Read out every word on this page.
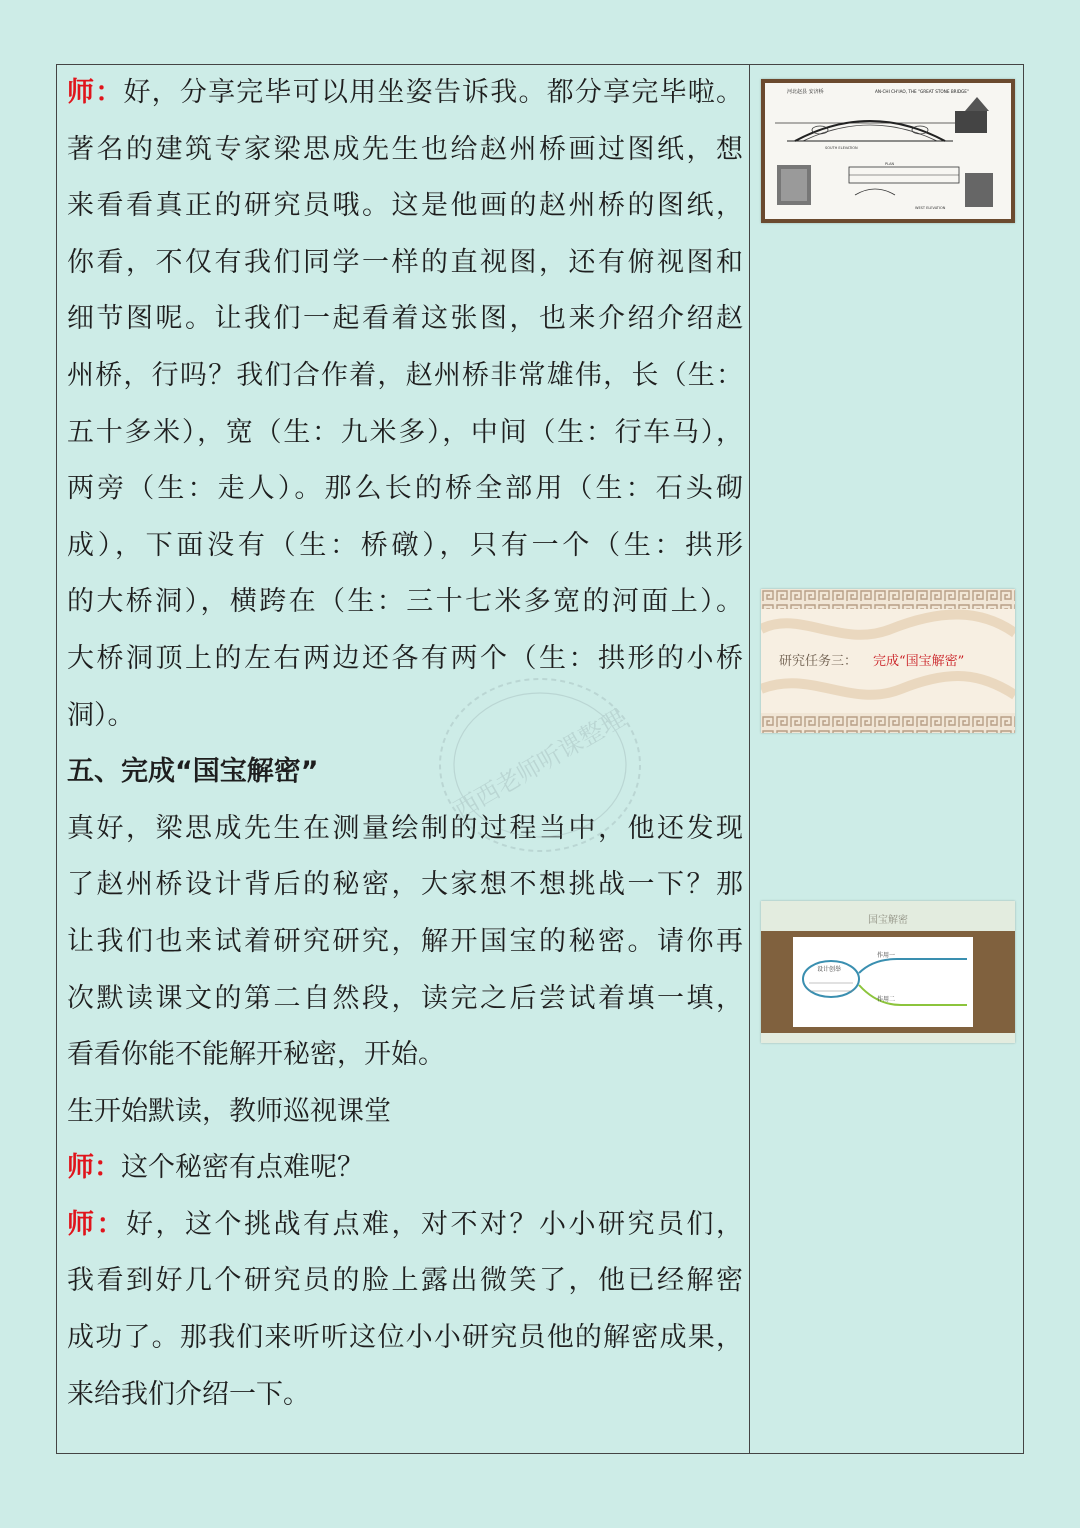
师：好，分享完毕可以用坐姿告诉我。都分享完毕啦。
著名的建筑专家梁思成先生也给赵州桥画过图纸，想
来看看真正的研究员哦。这是他画的赵州桥的图纸，
你看，不仅有我们同学一样的直视图，还有俯视图和
细节图呢。让我们一起看着这张图，也来介绍介绍赵
州桥，行吗？我们合作着，赵州桥非常雄伟，长（生：
五十多米），宽（生：九米多），中间（生：行车马），
两旁（生：走人）。那么长的桥全部用（生：石头砌
成），下面没有（生：桥礅），只有一个（生：拱形
的大桥洞），横跨在（生：三十七米多宽的河面上）。
大桥洞顶上的左右两边还各有两个（生：拱形的小桥
洞）。
五、完成“国宝解密”
真好，梁思成先生在测量绘制的过程当中，他还发现
了赵州桥设计背后的秘密，大家想不想挑战一下？那
让我们也来试着研究研究，解开国宝的秘密。请你再
次默读课文的第二自然段，读完之后尝试着填一填，
看看你能不能解开秘密，开始。
生开始默读，教师巡视课堂
师：这个秘密有点难呢？
师：好，这个挑战有点难，对不对？小小研究员们，
我看到好几个研究员的脸上露出微笑了，他已经解密
成功了。那我们来听听这位小小研究员他的解密成果，
来给我们介绍一下。
河北赵县 安济桥	AN-CHI CH'IAO, THE "GREAT STONE BRIDGE"
SOUTH ELEVATION
PLAN
WEST ELEVATION
研究任务三： 完成“国宝解密”
国宝解密
设计创举
作用一
作用二
西西老师听课整理
